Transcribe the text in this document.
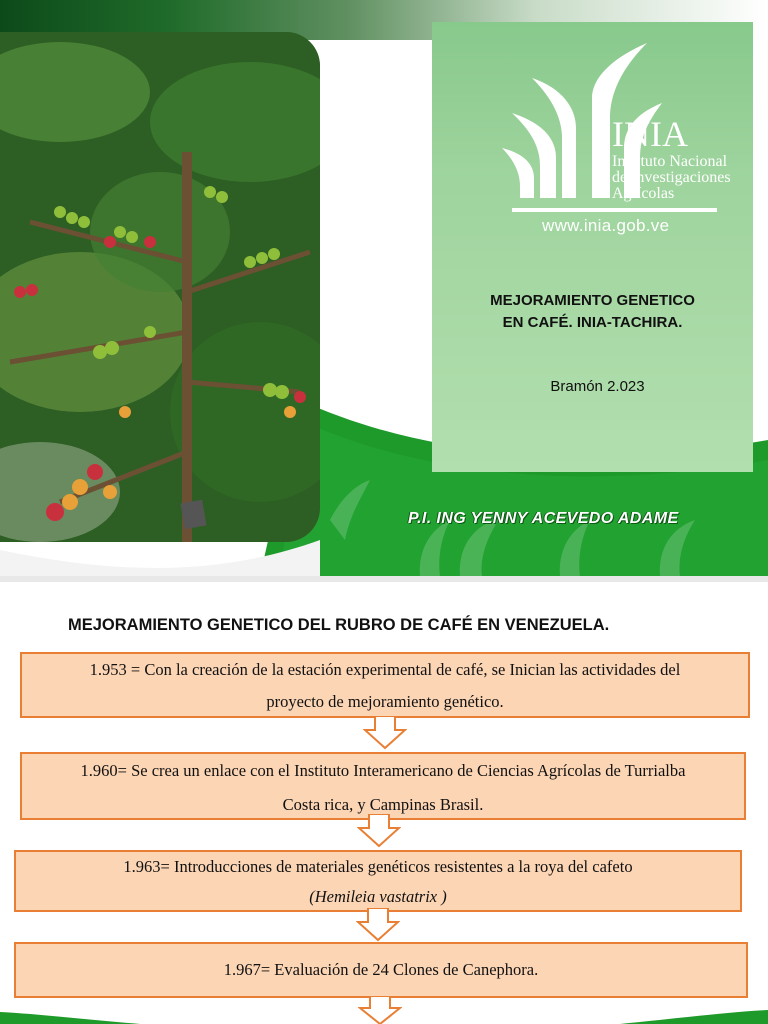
INIA
Instituto Nacional
de Investigaciones
Agrícolas
www.inia.gob.ve
MEJORAMIENTO GENETICO
EN CAFÉ. INIA-TACHIRA.
Bramón 2.023
P.I. ING YENNY ACEVEDO ADAME
MEJORAMIENTO GENETICO DEL RUBRO DE CAFÉ EN VENEZUELA.
1.953 = Con la creación de la estación experimental de café, se Inician las actividades del
proyecto de mejoramiento genético.
1.960= Se crea un enlace con el Instituto Interamericano de Ciencias Agrícolas de Turrialba
Costa rica, y Campinas Brasil.
1.963= Introducciones de materiales genéticos resistentes a la roya del cafeto
(Hemileia vastatrix )
1.967= Evaluación de 24 Clones de Canephora.
